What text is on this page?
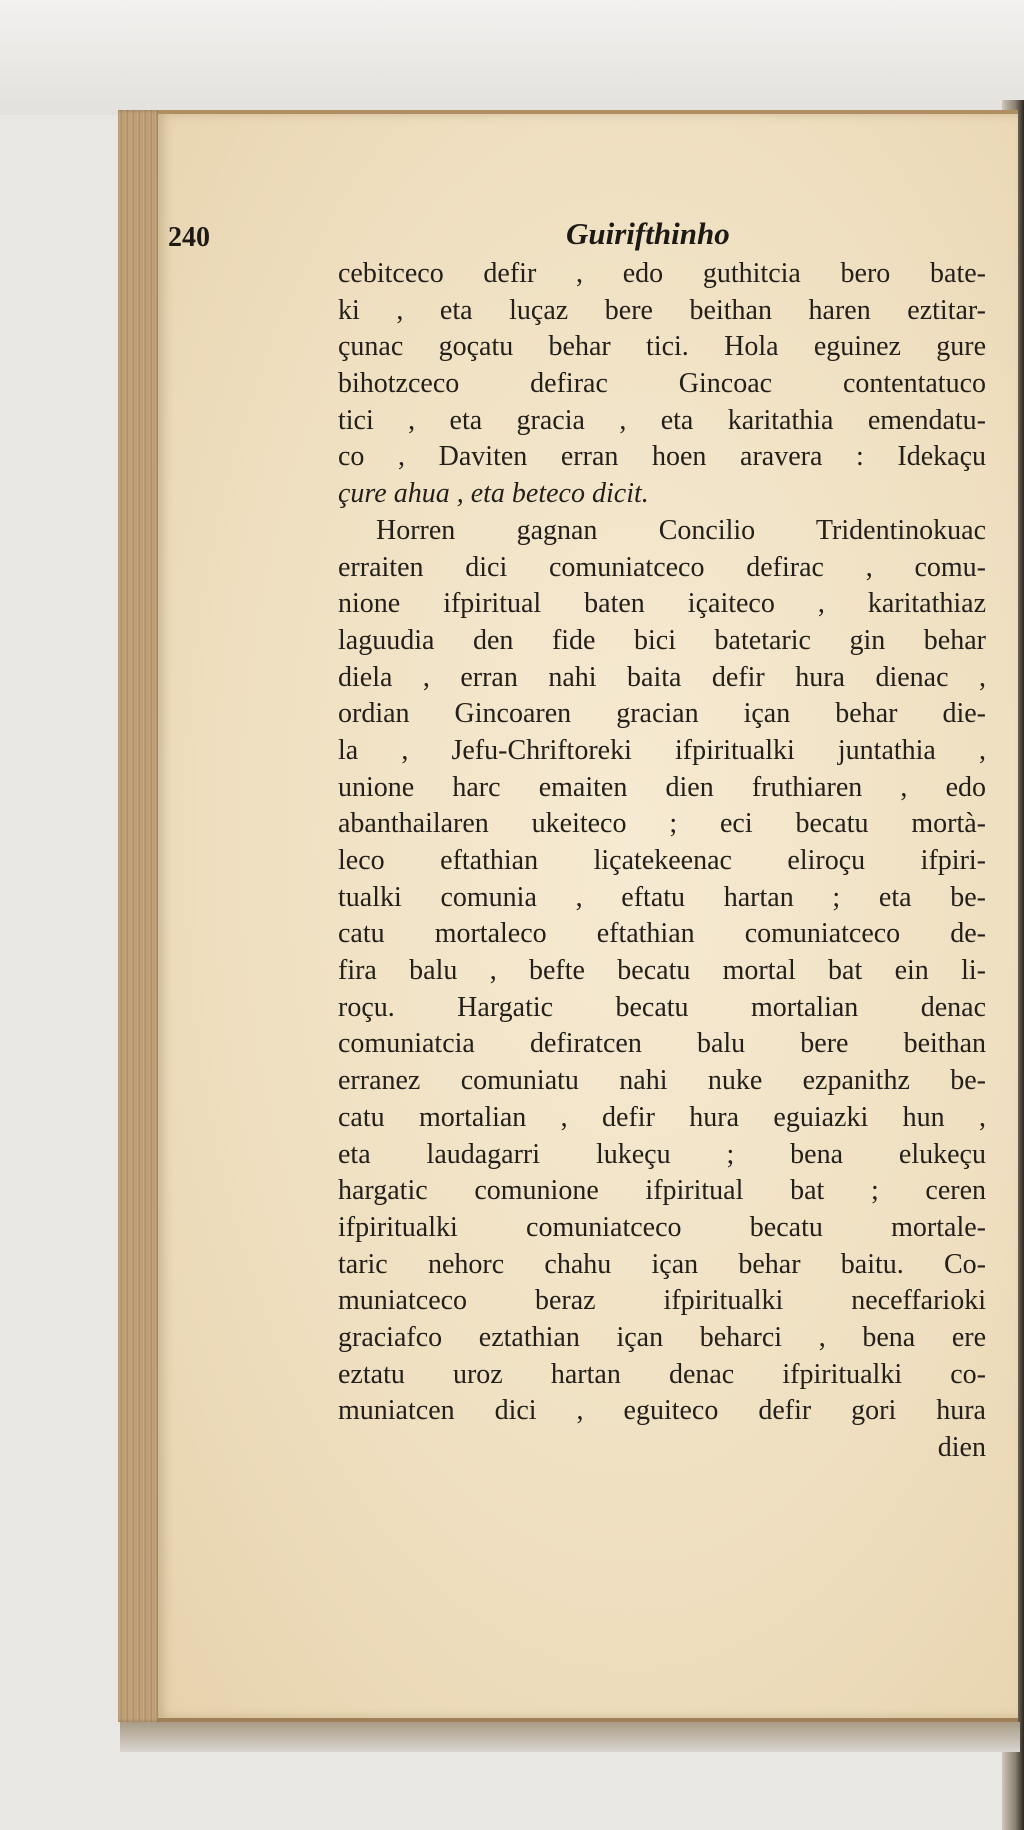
240	Guirifthinho
cebitceco defir , edo guthitcia bero bate-
ki , eta luçaz bere beithan haren eztitar-
çunac goçatu behar tici. Hola eguinez gure
bihotzceco defirac Gincoac contentatuco
tici , eta gracia , eta karitathia emendatu-
co , Daviten erran hoen aravera : Idekaçu
çure ahua , eta beteco dicit.
Horren gagnan Concilio Tridentinokuac
erraiten dici comuniatceco defirac , comu-
nione ifpiritual baten içaiteco , karitathiaz
laguudia den fide bici batetaric gin behar
diela , erran nahi baita defir hura dienac ,
ordian Gincoaren gracian içan behar die-
la , Jefu-Chriftoreki ifpiritualki juntathia ,
unione harc emaiten dien fruthiaren , edo
abanthailaren ukeiteco ; eci becatu mortà-
leco eftathian liçatekeenac eliroçu ifpiri-
tualki comunia , eftatu hartan ; eta be-
catu mortaleco eftathian comuniatceco de-
fira balu , befte becatu mortal bat ein li-
roçu. Hargatic becatu mortalian denac
comuniatcia defiratcen balu bere beithan
erranez comuniatu nahi nuke ezpanithz be-
catu mortalian , defir hura eguiazki hun ,
eta laudagarri lukeçu ; bena elukeçu
hargatic comunione ifpiritual bat ; ceren
ifpiritualki comuniatceco becatu mortale-
taric nehorc chahu içan behar baitu. Co-
muniatceco beraz ifpiritualki neceffarioki
graciafco eztathian içan beharci , bena ere
eztatu uroz hartan denac ifpiritualki co-
muniatcen dici , eguiteco defir gori hura
dien
